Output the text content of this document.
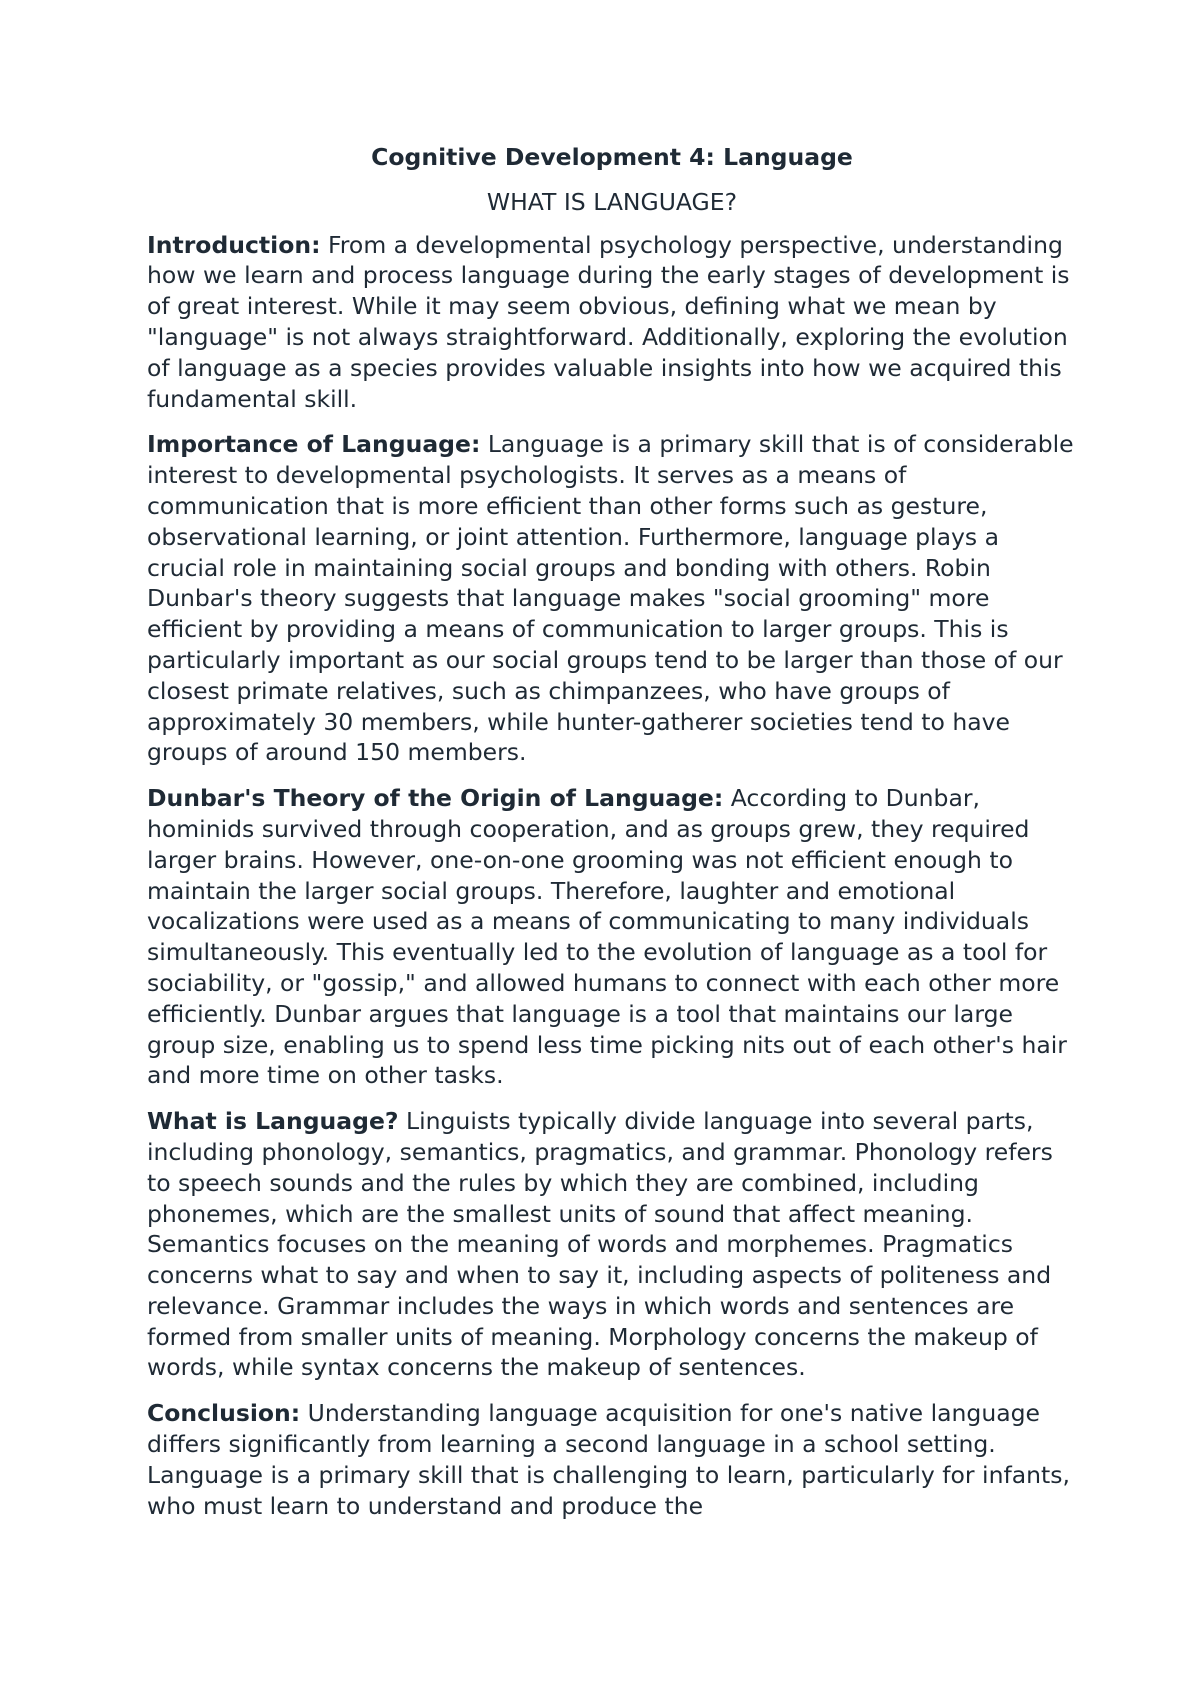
Cognitive Development 4: Language
WHAT IS LANGUAGE?

Introduction: From a developmental psychology perspective, understanding how we learn and process language during the early stages of development is of great interest. While it may seem obvious, defining what we mean by "language" is not always straightforward. Additionally, exploring the evolution of language as a species provides valuable insights into how we acquired this fundamental skill.

Importance of Language: Language is a primary skill that is of considerable interest to developmental psychologists. It serves as a means of communication that is more efficient than other forms such as gesture, observational learning, or joint attention. Furthermore, language plays a crucial role in maintaining social groups and bonding with others. Robin Dunbar's theory suggests that language makes "social grooming" more efficient by providing a means of communication to larger groups. This is particularly important as our social groups tend to be larger than those of our closest primate relatives, such as chimpanzees, who have groups of approximately 30 members, while hunter-gatherer societies tend to have groups of around 150 members.

Dunbar's Theory of the Origin of Language: According to Dunbar, hominids survived through cooperation, and as groups grew, they required larger brains. However, one-on-one grooming was not efficient enough to maintain the larger social groups. Therefore, laughter and emotional vocalizations were used as a means of communicating to many individuals simultaneously. This eventually led to the evolution of language as a tool for sociability, or "gossip," and allowed humans to connect with each other more efficiently. Dunbar argues that language is a tool that maintains our large group size, enabling us to spend less time picking nits out of each other's hair and more time on other tasks.

What is Language? Linguists typically divide language into several parts, including phonology, semantics, pragmatics, and grammar. Phonology refers to speech sounds and the rules by which they are combined, including phonemes, which are the smallest units of sound that affect meaning. Semantics focuses on the meaning of words and morphemes. Pragmatics concerns what to say and when to say it, including aspects of politeness and relevance. Grammar includes the ways in which words and sentences are formed from smaller units of meaning. Morphology concerns the makeup of words, while syntax concerns the makeup of sentences.

Conclusion: Understanding language acquisition for one's native language differs significantly from learning a second language in a school setting. Language is a primary skill that is challenging to learn, particularly for infants, who must learn to understand and produce the
